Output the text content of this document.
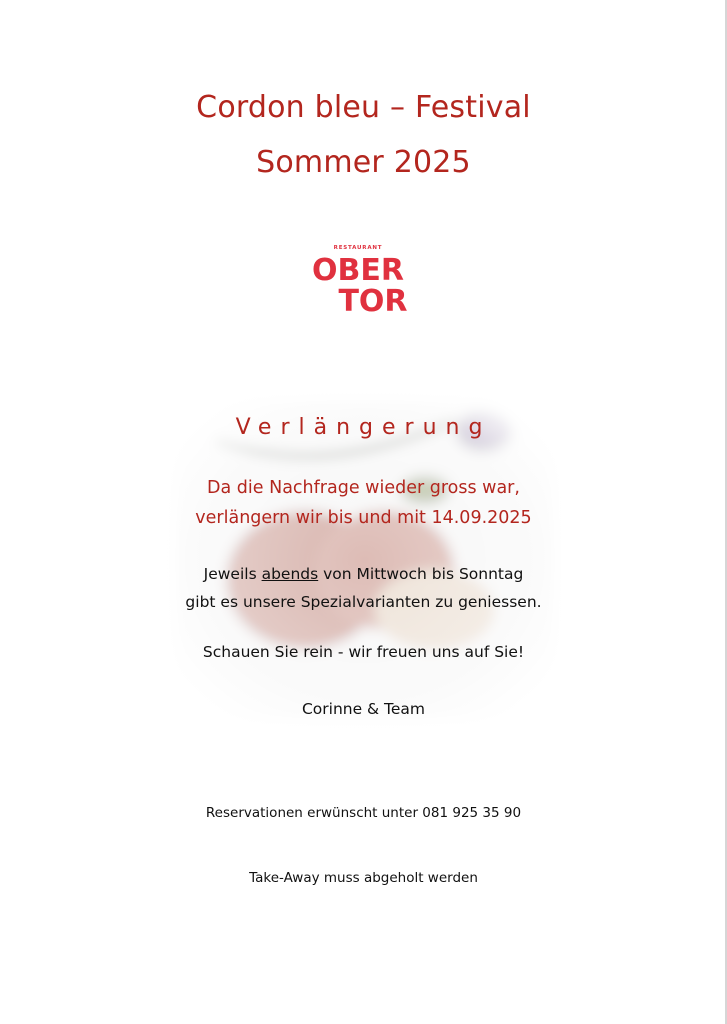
Cordon bleu – Festival
Sommer 2025
RESTAURANT
OBER
TOR
Verlängerung
Da die Nachfrage wieder gross war,
verlängern wir bis und mit 14.09.2025
Jeweils abends von Mittwoch bis Sonntag
gibt es unsere Spezialvarianten zu geniessen.
Schauen Sie rein - wir freuen uns auf Sie!
Corinne & Team
Reservationen erwünscht unter 081 925 35 90
Take-Away muss abgeholt werden
